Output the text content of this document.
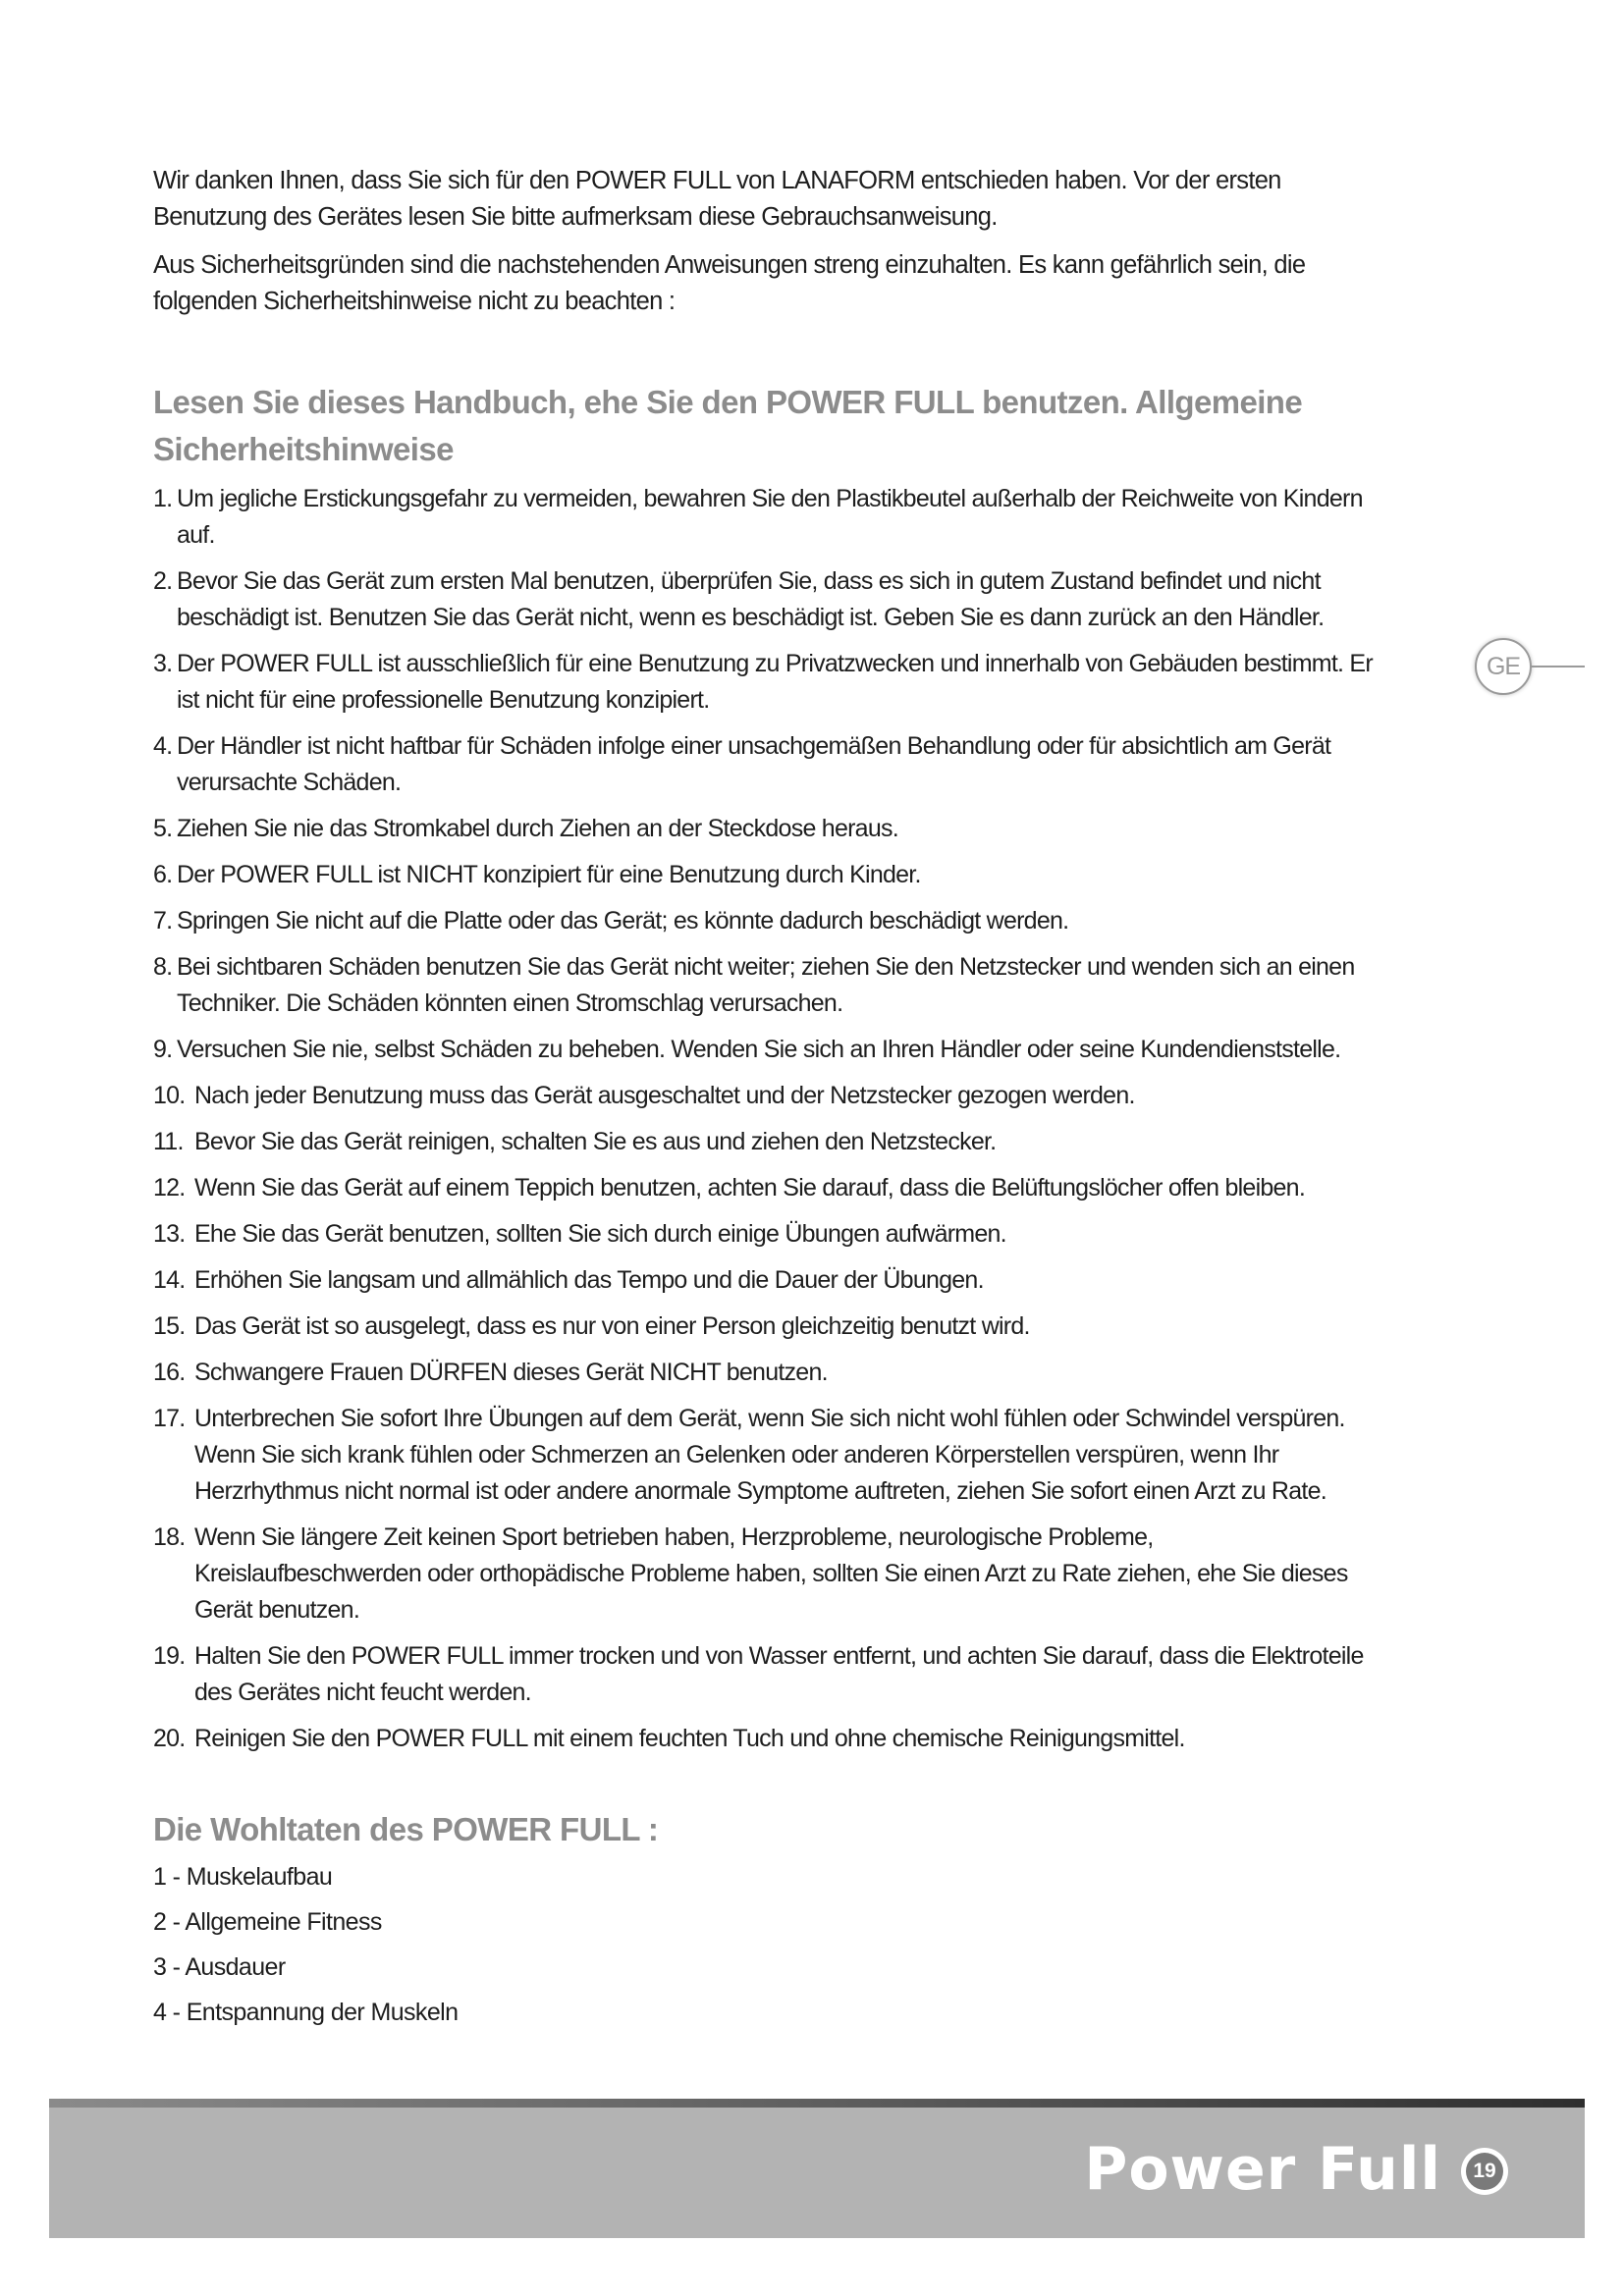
Wir danken Ihnen, dass Sie sich für den POWER FULL von LANAFORM entschieden haben. Vor der ersten Benutzung des Gerätes lesen Sie bitte aufmerksam diese Gebrauchsanweisung.

Aus Sicherheitsgründen sind die nachstehenden Anweisungen streng einzuhalten. Es kann gefährlich sein, die folgenden Sicherheitshinweise nicht zu beachten :

Lesen Sie dieses Handbuch, ehe Sie den POWER FULL benutzen. Allgemeine Sicherheitshinweise
1. Um jegliche Erstickungsgefahr zu vermeiden, bewahren Sie den Plastikbeutel außerhalb der Reichweite von Kindern auf.
2. Bevor Sie das Gerät zum ersten Mal benutzen, überprüfen Sie, dass es sich in gutem Zustand befindet und nicht beschädigt ist. Benutzen Sie das Gerät nicht, wenn es beschädigt ist. Geben Sie es dann zurück an den Händler.
3. Der POWER FULL ist ausschließlich für eine Benutzung zu Privatzwecken und innerhalb von Gebäuden bestimmt. Er ist nicht für eine professionelle Benutzung konzipiert.
4. Der Händler ist nicht haftbar für Schäden infolge einer unsachgemäßen Behandlung oder für absichtlich am Gerät verursachte Schäden.
5. Ziehen Sie nie das Stromkabel durch Ziehen an der Steckdose heraus.
6. Der POWER FULL ist NICHT konzipiert für eine Benutzung durch Kinder.
7. Springen Sie nicht auf die Platte oder das Gerät; es könnte dadurch beschädigt werden.
8. Bei sichtbaren Schäden benutzen Sie das Gerät nicht weiter; ziehen Sie den Netzstecker und wenden sich an einen Techniker. Die Schäden könnten einen Stromschlag verursachen.
9. Versuchen Sie nie, selbst Schäden zu beheben. Wenden Sie sich an Ihren Händler oder seine Kundendienststelle.
10. Nach jeder Benutzung muss das Gerät ausgeschaltet und der Netzstecker gezogen werden.
11. Bevor Sie das Gerät reinigen, schalten Sie es aus und ziehen den Netzstecker.
12. Wenn Sie das Gerät auf einem Teppich benutzen, achten Sie darauf, dass die Belüftungslöcher offen bleiben.
13. Ehe Sie das Gerät benutzen, sollten Sie sich durch einige Übungen aufwärmen.
14. Erhöhen Sie langsam und allmählich das Tempo und die Dauer der Übungen.
15. Das Gerät ist so ausgelegt, dass es nur von einer Person gleichzeitig benutzt wird.
16. Schwangere Frauen DÜRFEN dieses Gerät NICHT benutzen.
17. Unterbrechen Sie sofort Ihre Übungen auf dem Gerät, wenn Sie sich nicht wohl fühlen oder Schwindel verspüren. Wenn Sie sich krank fühlen oder Schmerzen an Gelenken oder anderen Körperstellen verspüren, wenn Ihr Herzrhythmus nicht normal ist oder andere anormale Symptome auftreten, ziehen Sie sofort einen Arzt zu Rate.
18. Wenn Sie längere Zeit keinen Sport betrieben haben, Herzprobleme, neurologische Probleme, Kreislaufbeschwerden oder orthopädische Probleme haben, sollten Sie einen Arzt zu Rate ziehen, ehe Sie dieses Gerät benutzen.
19. Halten Sie den POWER FULL immer trocken und von Wasser entfernt, und achten Sie darauf, dass die Elektroteile des Gerätes nicht feucht werden.
20. Reinigen Sie den POWER FULL mit einem feuchten Tuch und ohne chemische Reinigungsmittel.
Die Wohltaten des POWER FULL :
1 - Muskelaufbau
2 - Allgemeine Fitness
3 - Ausdauer
4 - Entspannung der Muskeln
GE
Power Full	19
